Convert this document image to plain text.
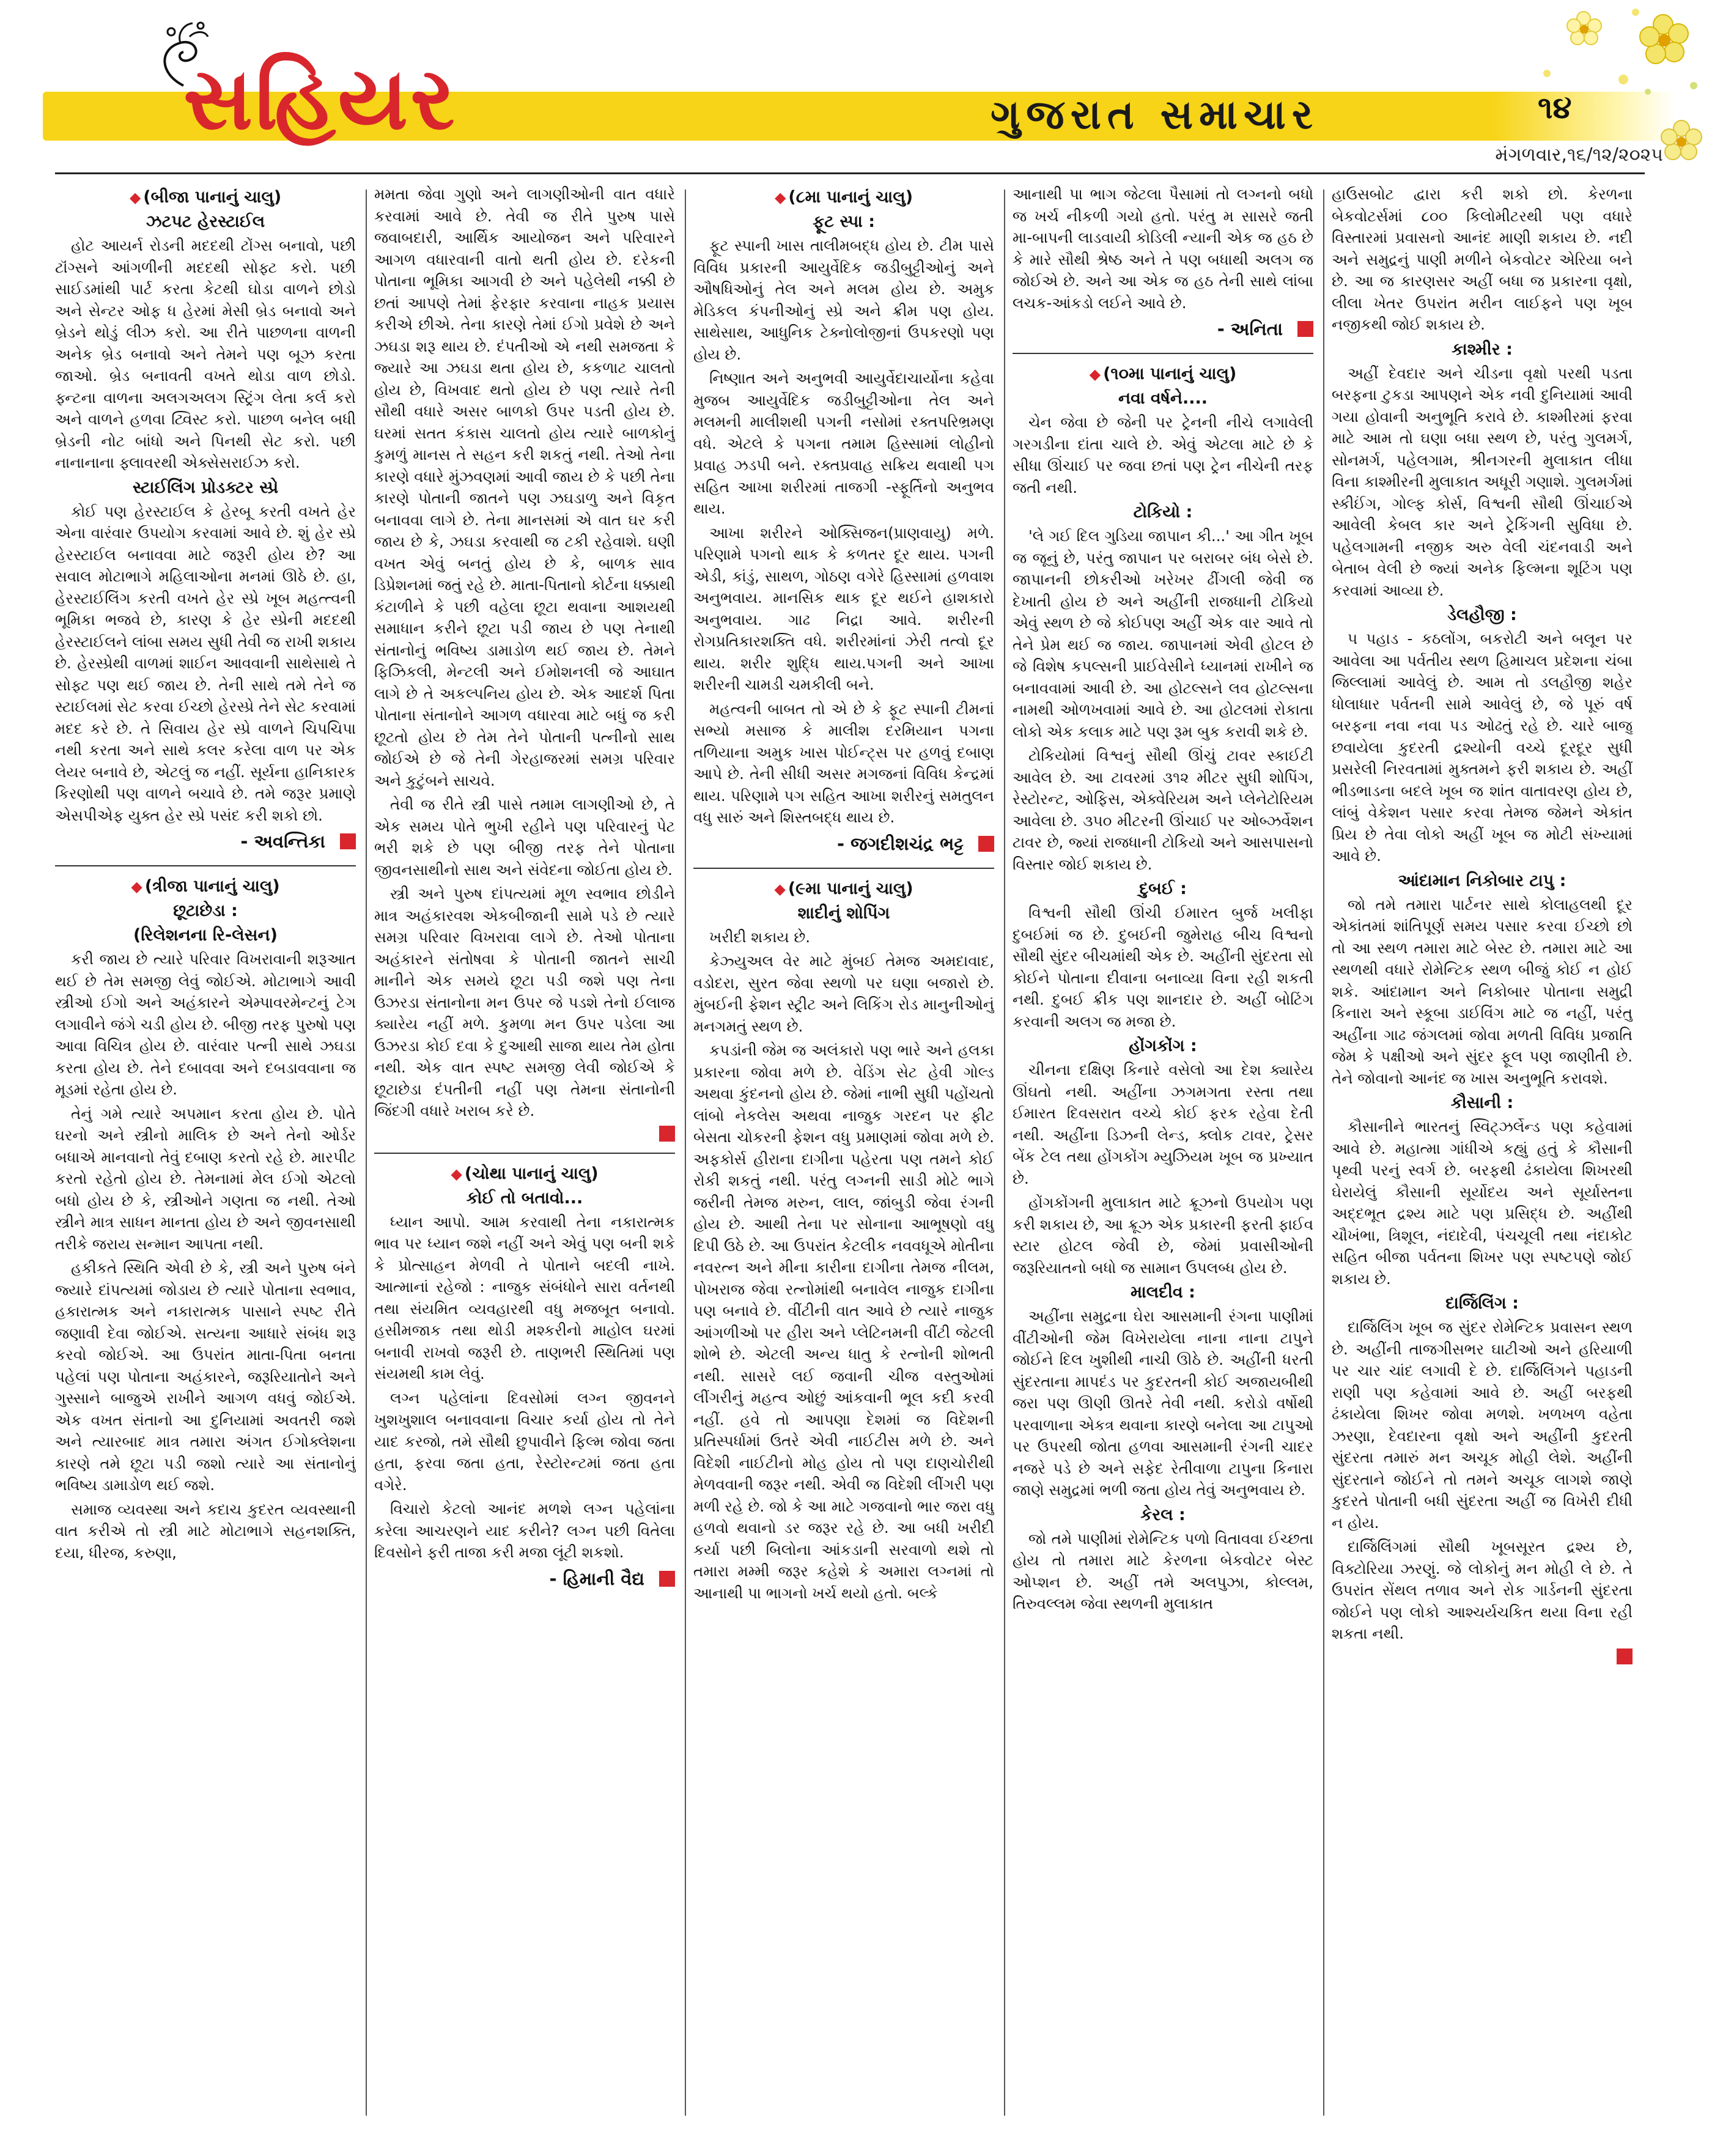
સહિયર	ગુજરાત સમાચાર	૧૪
મંગળવાર,૧૬/૧૨/૨૦૨૫
◆ (બીજા પાનાનું ચાલુ)
ઝટપટ હેરસ્ટાઈલ

હોટ આયર્ન રોડની મદદથી ટોંગ્સ બનાવો, પછી ટૉંગ્સને આંગળીની મદદથી સોફ્ટ કરો. પછી સાઈડમાંથી પાર્ટ કરતા કેટથી ઘોડા વાળને છોડો અને સેન્ટર ઓફ ધ હેરમાં મેસી બ્રેડ બનાવો અને બ્રેડને થોડું લીઝ કરો. આ રીતે પાછળના વાળની અનેક બ્રેડ બનાવો અને તેમને પણ બૂઝ કરતા જાઓ. બ્રેડ બનાવતી વખતે થોડા વાળ છોડો. ફ્ન્ટના વાળના અલગઅલગ સ્ટ્રિંગ લેતા કર્લ કરો અને વાળને હળવા ટ્વિસ્ટ કરો. પાછળ બનેલ બધી બ્રેડની નોટ બાંધો અને પિનથી સેટ કરો. પછી નાનાનાના ફ્લાવરથી એક્સેસરાઈઝ કરો.

સ્ટાઈલિંગ પ્રોડક્ટર સ્પ્રે

કોઈ પણ હેરસ્ટાઈલ કે હેરબૂ કરતી વખતે હેર એના વારંવાર ઉપયોગ કરવામાં આવે છે. શું હેર સ્પ્રે હેરસ્ટાઈલ બનાવવા માટે જરૂરી હોય છે? આ સવાલ મોટાભાગે મહિલાઓના મનમાં ઊઠે છે. હા, હેરસ્ટાઈલિંગ કરતી વખતે હેર સ્પ્રે ખૂબ મહત્ત્વની ભૂમિકા ભજવે છે, કારણ કે હેર સ્પ્રેની મદદથી હેરસ્ટાઈલને લાંબા સમય સુધી તેવી જ રાખી શકાય છે. હેરસ્પ્રેથી વાળમાં શાઈન આવવાની સાથેસાથે તે સોફ્ટ પણ થઈ જાય છે. તેની સાથે તમે તેને જ સ્ટાઈલમાં સેટ કરવા ઈચ્છો હેરસ્પ્રે તેને સેટ કરવામાં મદદ કરે છે. તે સિવાય હેર સ્પ્રે વાળને ચિપચિપા નથી કરતા અને સાથે કલર કરેલા વાળ પર એક લેયર બનાવે છે, એટલું જ નહીં. સૂર્યના હાનિકારક કિરણોથી પણ વાળને બચાવે છે. તમે જરૂર પ્રમાણે એસપીએફ યુક્ત હેર સ્પ્રે પસંદ કરી શકો છો.

- અવન્તિકા
◆ (ત્રીજા પાનાનું ચાલુ)
છૂટાછેડા :
(રિલેશનના રિ-લેસન)

કરી જાય છે ત્યારે પરિવાર વિખરાવાની શરૂઆત થઈ છે તેમ સમજી લેવું જોઈએ. મોટાભાગે આવી સ્ત્રીઓ ઈગો અને અહંકારને એમ્પાવરમેન્ટનું ટેગ લગાવીને જંગે ચડી હોય છે. બીજી તરફ પુરુષો પણ આવા વિચિત્ર હોય છે. વારંવાર પત્ની સાથે ઝઘડા કરતા હોય છે. તેને દબાવવા અને દબડાવવાના જ મૂડમાં રહેતા હોય છે.

તેનું ગમે ત્યારે અપમાન કરતા હોય છે. પોતે ઘરનો અને સ્ત્રીનો માલિક છે અને તેનો ઓર્ડર બધાએ માનવાનો તેવું દબાણ કરતો રહે છે. મારપીટ કરતો રહેતો હોય છે. તેમનામાં મેલ ઈગો એટલો બધો હોય છે કે, સ્ત્રીઓને ગણતા જ નથી. તેઓ સ્ત્રીને માત્ર સાધન માનતા હોય છે અને જીવનસાથી તરીકે જરાય સન્માન આપતા નથી.

હકીકતે સ્થિતિ એવી છે કે, સ્ત્રી અને પુરુષ બંને જ્યારે દાંપત્યમાં જોડાય છે ત્યારે પોતાના સ્વભાવ, હકારાત્મક અને નકારાત્મક પાસાને સ્પષ્ટ રીતે જણાવી દેવા જોઈએ. સત્યના આધારે સંબંધ શરૂ કરવો જોઈએ. આ ઉપરાંત માતા-પિતા બનતા પહેલાં પણ પોતાના અહંકારને, જરૂરિયાતોને અને ગુસ્સાને બાજુએ રાખીને આગળ વધવું જોઈએ. એક વખત સંતાનો આ દુનિયામાં અવતરી જશે અને ત્યારબાદ માત્ર તમારા અંગત ઈગોક્લેશના કારણે તમે છૂટા પડી જશો ત્યારે આ સંતાનોનું ભવિષ્ય ડામાડોળ થઈ જશે.

સમાજ વ્યવસ્થા અને કદાચ કુદરત વ્યવસ્થાની વાત કરીએ તો સ્ત્રી માટે મોટાભાગે સહનશક્તિ, દયા, ધીરજ, કરુણા,

મમતા જેવા ગુણો અને લાગણીઓની વાત વધારે કરવામાં આવે છે. તેવી જ રીતે પુરુષ પાસે જવાબદારી, આર્થિક આયોજન અને પરિવારને આગળ વધારવાની વાતો થતી હોય છે. દરેકની પોતાના ભૂમિકા આગવી છે અને પહેલેથી નક્કી છે છતાં આપણે તેમાં ફેરફાર કરવાના નાહક પ્રયાસ કરીએ છીએ. તેના કારણે તેમાં ઈગો પ્રવેશે છે અને ઝઘડા શરૂ થાય છે. દંપતીઓ એ નથી સમજતા કે જ્યારે આ ઝઘડા થતા હોય છે, કકળાટ ચાલતો હોય છે, વિખવાદ થતો હોય છે પણ ત્યારે તેની સૌથી વધારે અસર બાળકો ઉપર પડતી હોય છે. ઘરમાં સતત કંકાસ ચાલતો હોય ત્યારે બાળકોનું કુમળું માનસ તે સહન કરી શકતું નથી. તેઓ તેના કારણે વધારે મુંઝવણમાં આવી જાય છે કે પછી તેના કારણે પોતાની જાતને પણ ઝઘડાળુ અને વિકૃત બનાવવા લાગે છે. તેના માનસમાં એ વાત ઘર કરી જાય છે કે, ઝઘડા કરવાથી જ ટકી રહેવાશે. ઘણી વખત એવું બનતું હોય છે કે, બાળક સાવ ડિપ્રેશનમાં જતું રહે છે. માતા-પિતાનો કોર્ટના ધક્કાથી કંટાળીને કે પછી વહેલા છૂટા થવાના આશયથી સમાધાન કરીને છૂટા પડી જાય છે પણ તેનાથી સંતાનોનું ભવિષ્ય ડામાડોળ થઈ જાય છે. તેમને ફિઝિકલી, મેન્ટલી અને ઈમોશનલી જે આઘાત લાગે છે તે અકલ્પનિય હોય છે. એક આદર્શ પિતા પોતાના સંતાનોને આગળ વધારવા માટે બધું જ કરી છૂટતો હોય છે તેમ તેને પોતાની પત્નીનો સાથ જોઈએ છે જે તેની ગેરહાજરમાં સમગ્ર પરિવાર અને કુટુંબને સાચવે.

તેવી જ રીતે સ્ત્રી પાસે તમામ લાગણીઓ છે, તે એક સમય પોતે ભુખી રહીને પણ પરિવારનું પેટ ભરી શકે છે પણ બીજી તરફ તેને પોતાના જીવનસાથીનો સાથ અને સંવેદના જોઈતા હોય છે.

સ્ત્રી અને પુરુષ દાંપત્યમાં મૂળ સ્વભાવ છોડીને માત્ર અહંકારવશ એકબીજાની સામે પડે છે ત્યારે સમગ્ર પરિવાર વિખરાવા લાગે છે. તેઓ પોતાના અહંકારને સંતોષવા કે પોતાની જાતને સાચી માનીને એક સમયે છૂટા પડી જશે પણ તેના ઉઝરડા સંતાનોના મન ઉપર જે પડશે તેનો ઈલાજ ક્યારેય નહીં મળે. કુમળા મન ઉપર પડેલા આ ઉઝરડા કોઈ દવા કે દુઆથી સાજા થાય તેમ હોતા નથી. એક વાત સ્પષ્ટ સમજી લેવી જોઈએ કે છૂટાછેડા દંપતીની નહીં પણ તેમના સંતાનોની જિંદગી વધારે ખરાબ કરે છે.

◆ (ચોથા પાનાનું ચાલુ)
કોઈ તો બતાવો...

ધ્યાન આપો. આમ કરવાથી તેના નકારાત્મક ભાવ પર ધ્યાન જશે નહીં અને એવું પણ બની શકે કે પ્રોત્સાહન મેળવી તે પોતાને બદલી નાખે. આત્માનાં રહેજો : નાજુક સંબંધોને સારા વર્તનથી તથા સંયમિત વ્યવહારથી વધુ મજબૂત બનાવો. હસીમજાક તથા થોડી મશ્કરીનો માહોલ ઘરમાં બનાવી રાખવો જરૂરી છે. તાણભરી સ્થિતિમાં પણ સંયમથી કામ લેવું.

લગ્ન પહેલાંના દિવસોમાં લગ્ન જીવનને ખુશખુશાલ બનાવવાના વિચાર કર્યા હોય તો તેને યાદ કરજો, તમે સૌથી છુપાવીને ફિલ્મ જોવા જતા હતા, ફરવા જતા હતા, રેસ્ટોરન્ટમાં જતા હતા વગેરે.

વિચારો કેટલો આનંદ મળશે લગ્ન પહેલાંના કરેલા આચરણને યાદ કરીને? લગ્ન પછી વિતેલા દિવસોને ફરી તાજા કરી મજા લૂંટી શકશો.

- હિમાની વૈદ્ય
◆ (૮મા પાનાનું ચાલુ)
ફૂટ સ્પા :

ફૂટ સ્પાની ખાસ તાલીમબદ્ધ હોય છે. ટીમ પાસે વિવિધ પ્રકારની આયુર્વેદિક જડીબુટ્ટીઓનું અને ઔષધિઓનું તેલ અને મલમ હોય છે. અમુક મેડિકલ કંપનીઓનું સ્પ્રે અને ક્રીમ પણ હોય. સાથેસાથ, આધુનિક ટેક્નોલોજીનાં ઉપકરણો પણ હોય છે.

નિષ્ણાત અને અનુભવી આયુર્વેદાચાર્યોના કહેવા મુજબ આયુર્વેદિક જડીબુટ્ટીઓના તેલ અને મલમની માલીશથી પગની નસોમાં રક્તપરિભ્રમણ વધે. એટલે કે પગના તમામ હિસ્સામાં લોહીનો પ્રવાહ ઝડપી બને. રક્તપ્રવાહ સક્રિય થવાથી પગ સહિત આખા શરીરમાં તાજગી -સ્ફૂર્તિનો અનુભવ થાય.

આખા શરીરને ઓક્સિજન(પ્રાણવાયુ) મળે. પરિણામે પગનો થાક કે કળતર દૂર થાય. પગની એડી, કાંડું, સાથળ, ગોઠણ વગેરે હિસ્સામાં હળવાશ અનુભવાય. માનસિક થાક દૂર થઈને હાશકારો અનુભવાય. ગાઢ નિદ્રા આવે. શરીરની રોગપ્રતિકારશક્તિ વધે. શરીરમાંનાં ઝેરી તત્વો દૂર થાય. શરીર શુદ્ધિ થાય.પગની અને આખા શરીરની ચામડી ચમકીલી બને.

મહત્વની બાબત તો એ છે કે ફૂટ સ્પાની ટીમનાં સભ્યો મસાજ કે માલીશ દરમિયાન પગના તળિયાના અમુક ખાસ પોઈન્ટ્સ પર હળવું દબાણ આપે છે. તેની સીધી અસર મગજનાં વિવિધ કેન્દ્રમાં થાય. પરિણામે પગ સહિત આખા શરીરનું સમતુલન વધુ સારું અને શિસ્તબદ્ધ થાય છે.

- જગદીશચંદ્ર ભટ્ટ
◆ (૯મા પાનાનું ચાલુ)
શાદીનું શોપિંગ

ખરીદી શકાય છે.

કેઝ્યુઅલ વેર માટે મુંબઈ તેમજ અમદાવાદ, વડોદરા, સુરત જેવા સ્થળો પર ઘણા બજારો છે. મુંબઈની ફેશન સ્ટ્રીટ અને લિકિંગ રોડ માનુનીઓનું મનગમતું સ્થળ છે.

કપડાંની જેમ જ અલંકારો પણ ભારે અને હલકા પ્રકારના જોવા મળે છે. વેડિંગ સેટ હેવી ગોલ્ડ અથવા કુંદનનો હોય છે. જેમાં નાભી સુધી પહોંચતો લાંબો નેકલેસ અથવા નાજુક ગરદન પર ફીટ બેસતા ચોકરની ફેશન વધુ પ્રમાણમાં જોવા મળે છે. અફકોર્સ હીરાના દાગીના પહેરતા પણ તમને કોઈ રોકી શકતું નથી. પરંતુ લગ્નની સાડી મોટે ભાગે જરીની તેમજ મરુન, લાલ, જાંબુડી જેવા રંગની હોય છે. આથી તેના પર સોનાના આભૂષણો વધુ દિપી ઉઠે છે. આ ઉપરાંત કેટલીક નવવધૂએ મોતીના નવરત્ન અને મીના કારીના દાગીના તેમજ નીલમ, પોખરાજ જેવા રત્નોમાંથી બનાવેલ નાજુક દાગીના પણ બનાવે છે. વીંટીની વાત આવે છે ત્યારે નાજુક આંગળીઓ પર હીરા અને પ્લેટિનમની વીંટી જેટલી શોભે છે. એટલી અન્ય ધાતુ કે રત્નોની શોભતી નથી. સાસરે લઈ જવાની ચીજ વસ્તુઓમાં લીંગરીનું મહત્વ ઓછું આંકવાની ભૂલ કદી કરવી નહીં. હવે તો આપણા દેશમાં જ વિદેશની પ્રતિસ્પર્ધામાં ઉતરે એવી નાઈટીસ મળે છે. અને વિદેશી નાઈટીનો મોહ હોય તો પણ દાણચોરીથી મેળવવાની જરૂર નથી. એવી જ વિદેશી લીંગરી પણ મળી રહે છે. જો કે આ માટે ગજવાનો ભાર જરા વધુ હળવો થવાનો ડર જરૂર રહે છે. આ બધી ખરીદી કર્યા પછી બિલોના આંકડાની સરવાળો થશે તો તમારા મમ્મી જરૂર કહેશે કે અમારા લગ્નમાં તો આનાથી પા ભાગનો ખર્ચ થયો હતો. બલ્કે

આનાથી પા ભાગ જેટલા પૈસામાં તો લગ્નનો બધો જ ખર્ચ નીકળી ગયો હતો. પરંતુ મ સાસરે જતી મા-બાપની લાડવાયી કોડિલી ન્યાની એક જ હઠ છે કે મારે સૌથી શ્રેષ્ઠ અને તે પણ બધાથી અલગ જ જોઈએ છે. અને આ એક જ હઠ તેની સાથે લાંબા લચક-આંકડો લઈને આવે છે.

- અનિતા
◆ (૧૦મા પાનાનું ચાલુ)
નવા વર્ષને....

ચેન જેવા છે જેની પર ટ્રેનની નીચે લગાવેલી ગરગડીના દાંતા ચાલે છે. એવું એટલા માટે છે કે સીધા ઊંચાઈ પર જવા છતાં પણ ટ્રેન નીચેની તરફ જતી નથી.

ટોકિયો :

'લે ગઈ દિલ ગુડિયા જાપાન કી...' આ ગીત ખૂબ જ જૂનું છે, પરંતુ જાપાન પર બરાબર બંધ બેસે છે. જાપાનની છોકરીઓ ખરેખર ઢીંગલી જેવી જ દેખાતી હોય છે અને અહીંની રાજધાની ટોકિયો એવું સ્થળ છે જે કોઈપણ અહીં એક વાર આવે તો તેને પ્રેમ થઈ જ જાય. જાપાનમાં એવી હોટલ છે જે વિશેષ કપલ્સની પ્રાઈવેસીને ધ્યાનમાં રાખીને જ બનાવવામાં આવી છે. આ હોટલ્સને લવ હોટલ્સના નામથી ઓળખવામાં આવે છે. આ હોટલમાં રોકાતા લોકો એક કલાક માટે પણ રૂમ બુક કરાવી શકે છે.

ટોકિયોમાં વિશ્વનું સૌથી ઊંચું ટાવર સ્કાઈટી આવેલ છે. આ ટાવરમાં ૩૧૨ મીટર સુધી શોપિંગ, રેસ્ટોરન્ટ, ઓફિસ, એક્વેરિયમ અને પ્લેનેટોરિયમ આવેલા છે. ૩૫૦ મીટરની ઊંચાઈ પર ઓબ્ઝર્વેશન ટાવર છે, જ્યાં રાજધાની ટોકિયો અને આસપાસનો વિસ્તાર જોઈ શકાય છે.

દુબઈ :

વિશ્વની સૌથી ઊંચી ઈમારત બુર્જ ખલીફા દુબઈમાં જ છે. દુબઈની જુમેરાહ બીચ વિશ્વનો સૌથી સુંદર બીચમાંથી એક છે. અહીંની સુંદરતા સો કોઈને પોતાના દીવાના બનાવ્યા વિના રહી શકતી નથી. દુબઈ ક્રીક પણ શાનદાર છે. અહીં બોટિંગ કરવાની અલગ જ મજા છે.

હોંગકોંગ :

ચીનના દક્ષિણ કિનારે વસેલો આ દેશ ક્યારેય ઊંઘતો નથી. અહીંના ઝગમગતા રસ્તા તથા ઈમારત દિવસરાત વચ્ચે કોઈ ફરક રહેવા દેતી નથી. અહીંના ડિઝની લેન્ડ, ક્લોક ટાવર, ટ્રેસર બેંક ટેલ તથા હોંગકોંગ મ્યુઝિયમ ખૂબ જ પ્રખ્યાત છે.

હોંગકોંગની મુલાકાત માટે ક્રૂઝનો ઉપયોગ પણ કરી શકાય છે, આ ક્રૂઝ એક પ્રકારની ફરતી ફાઈવ સ્ટાર હોટલ જેવી છે, જેમાં પ્રવાસીઓની જરૂરિયાતનો બધો જ સામાન ઉપલબ્ધ હોય છે.

માલદીવ :

અહીંના સમુદ્રના ઘેરા આસમાની રંગના પાણીમાં વીંટીઓની જેમ વિખેરાયેલા નાના નાના ટાપુને જોઈને દિલ ખુશીથી નાચી ઊઠે છે. અહીંની ધરતી સુંદરતાના માપદંડ પર કુદરતની કોઈ અજાયબીથી જરા પણ ઊણી ઊતરે તેવી નથી. કરોડો વર્ષોથી પરવાળાના એકત્ર થવાના કારણે બનેલા આ ટાપુઓ પર ઉપરથી જોતા હળવા આસમાની રંગની ચાદર નજરે પડે છે અને સફેદ રેતીવાળા ટાપુના કિનારા જાણે સમુદ્રમાં ભળી જતા હોય તેવું અનુભવાય છે.

કેરલ :

જો તમે પાણીમાં રોમેન્ટિક પળો વિતાવવા ઈચ્છતા હોય તો તમારા માટે કેરળના બેકવોટર બેસ્ટ ઓપ્શન છે. અહીં તમે અલપુઝા, કોલ્લમ, તિરુવલ્લમ જેવા સ્થળની મુલાકાત

હાઉસબોટ દ્વારા કરી શકો છો. કેરળના બેકવોટર્સમાં ૮૦૦ કિલોમીટરથી પણ વધારે વિસ્તારમાં પ્રવાસનો આનંદ માણી શકાય છે. નદી અને સમુદ્રનું પાણી મળીને બેકવોટર એરિયા બને છે. આ જ કારણસર અહીં બધા જ પ્રકારના વૃક્ષો, લીલા ખેતર ઉપરાંત મરીન લાઈફને પણ ખૂબ નજીકથી જોઈ શકાય છે.

કાશ્મીર :

અહીં દેવદાર અને ચીડના વૃક્ષો પરથી પડતા બરફના ટુકડા આપણને એક નવી દુનિયામાં આવી ગયા હોવાની અનુભૂતિ કરાવે છે. કાશ્મીરમાં ફરવા માટે આમ તો ઘણા બધા સ્થળ છે, પરંતુ ગુલમર્ગ, સોનમર્ગ, પહેલગામ, શ્રીનગરની મુલાકાત લીધા વિના કાશ્મીરની મુલાકાત અધૂરી ગણાશે. ગુલમર્ગમાં સ્કીઈંગ, ગોલ્ફ કોર્સ, વિશ્વની સૌથી ઊંચાઈએ આવેલી કેબલ કાર અને ટ્રેકિંગની સુવિધા છે. પહેલગામની નજીક અરુ વેલી ચંદનવાડી અને બેતાબ વેલી છે જ્યાં અનેક ફિલ્મના શૂટિંગ પણ કરવામાં આવ્યા છે.

ડેલહૌજી :

૫ પહાડ - કઠલોંગ, બકરોટી અને બલૂન પર આવેલા આ પર્વતીય સ્થળ હિમાચલ પ્રદેશના ચંબા જિલ્લામાં આવેલું છે. આમ તો ડલહૌજી શહેર ધોલાધાર પર્વતની સામે આવેલું છે, જે પૂરું વર્ષ બરફના નવા નવા પડ ઓઢતું રહે છે. ચારે બાજુ છવાયેલા કુદરતી દ્રશ્યોની વચ્ચે દૂરદૂર સુધી પ્રસરેલી નિરવતામાં મુક્તમને ફરી શકાય છે. અહીં ભીડભાડના બદલે ખૂબ જ શાંત વાતાવરણ હોય છે, લાંબું વેકેશન પસાર કરવા તેમજ જેમને એકાંત પ્રિય છે તેવા લોકો અહીં ખૂબ જ મોટી સંખ્યામાં આવે છે.

આંદામાન નિકોબાર ટાપુ :

જો તમે તમારા પાર્ટનર સાથે કોલાહલથી દૂર એકાંતમાં શાંતિપૂર્ણ સમય પસાર કરવા ઈચ્છો છો તો આ સ્થળ તમારા માટે બેસ્ટ છે. તમારા માટે આ સ્થળથી વધારે રોમેન્ટિક સ્થળ બીજું કોઈ ન હોઈ શકે. આંદામાન અને નિકોબાર પોતાના સમુદ્રી કિનારા અને સ્કૂબા ડાઈવિંગ માટે જ નહીં, પરંતુ અહીંના ગાઢ જંગલમાં જોવા મળતી વિવિધ પ્રજાતિ જેમ કે પક્ષીઓ અને સુંદર ફૂલ પણ જાણીતી છે. તેને જોવાનો આનંદ જ ખાસ અનુભૂતિ કરાવશે.

કૌસાની :

કૌસાનીને ભારતનું સ્વિટ્ઝર્લેન્ડ પણ કહેવામાં આવે છે. મહાત્મા ગાંધીએ કહ્યું હતું કે કૌસાની પૃથ્વી પરનું સ્વર્ગ છે. બરફથી ઢંકાયેલા શિખરથી ઘેરાયેલું કૌસાની સૂર્યોદય અને સૂર્યાસ્તના અદ્દભૂત દ્રશ્ય માટે પણ પ્રસિદ્ધ છે. અહીંથી ચૌખંભા, ત્રિશૂલ, નંદાદેવી, પંચચૂલી તથા નંદાકોટ સહિત બીજા પર્વતના શિખર પણ સ્પષ્ટપણે જોઈ શકાય છે.

દાર્જિલિંગ :

દાર્જિલિંગ ખૂબ જ સુંદર રોમેન્ટિક પ્રવાસન સ્થળ છે. અહીંની તાજગીસભર ઘાટીઓ અને હરિયાળી પર ચાર ચાંદ લગાવી દે છે. દાર્જિલિંગને પહાડની રાણી પણ કહેવામાં આવે છે. અહીં બરફથી ઢંકાયેલા શિખર જોવા મળશે. ખળખળ વહેતા ઝરણા, દેવદારના વૃક્ષો અને અહીંની કુદરતી સુંદરતા તમારું મન અચૂક મોહી લેશે. અહીંની સુંદરતાને જોઈને તો તમને અચૂક લાગશે જાણે કુદરતે પોતાની બધી સુંદરતા અહીં જ વિખેરી દીધી ન હોય.

દાર્જિલિંગમાં સૌથી ખૂબસૂરત દ્રશ્ય છે, વિક્ટોરિયા ઝરણું. જે લોકોનું મન મોહી લે છે. તે ઉપરાંત સેંથલ તળાવ અને રોક ગાર્ડનની સુંદરતા જોઈને પણ લોકો આશ્ચર્યચકિત થયા વિના રહી શકતા નથી.
